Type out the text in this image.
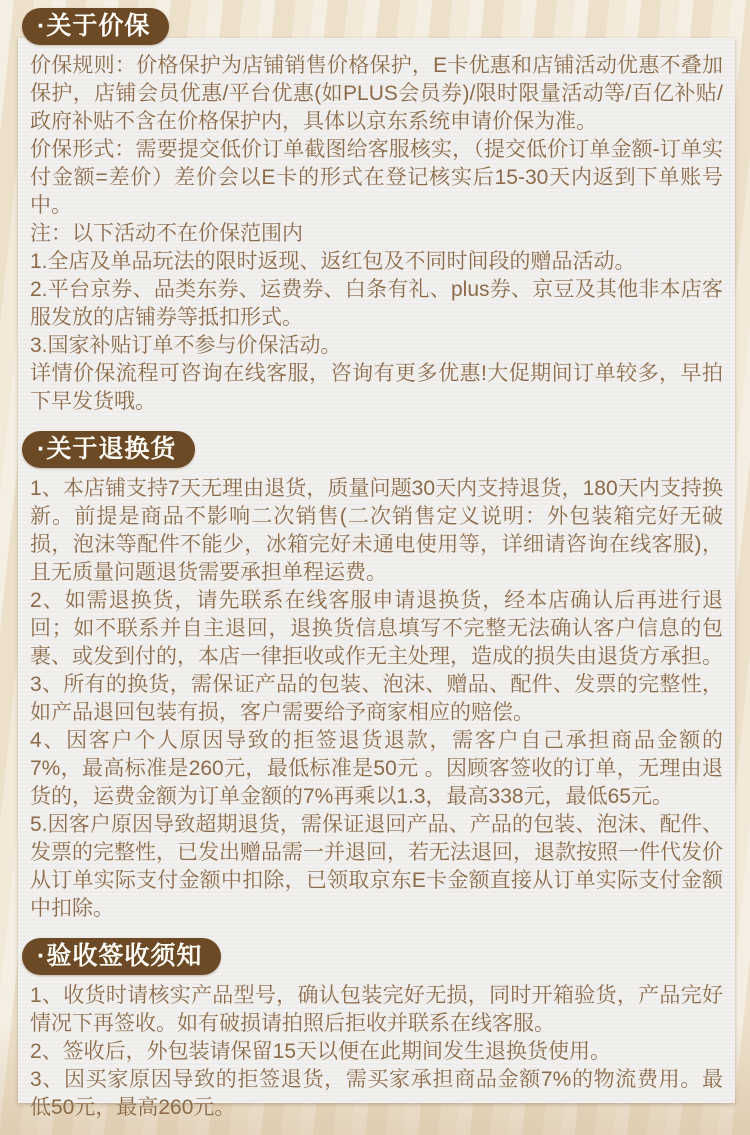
·关于价保

价保规则：价格保护为店铺销售价格保护，E卡优惠和店铺活动优惠不叠加保护，店铺会员优惠/平台优惠(如PLUS会员券)/限时限量活动等/百亿补贴/政府补贴不含在价格保护内，具体以京东系统申请价保为准。

价保形式：需要提交低价订单截图给客服核实，（提交低价订单金额-订单实付金额=差价）差价会以E卡的形式在登记核实后15-30天内返到下单账号中。

注：以下活动不在价保范围内

1.全店及单品玩法的限时返现、返红包及不同时间段的赠品活动。

2.平台京券、品类东券、运费券、白条有礼、plus券、京豆及其他非本店客服发放的店铺券等抵扣形式。

3.国家补贴订单不参与价保活动。

详情价保流程可咨询在线客服，咨询有更多优惠!大促期间订单较多，早拍下早发货哦。

·关于退换货

1、本店铺支持7天无理由退货，质量问题30天内支持退货，180天内支持换新。前提是商品不影响二次销售(二次销售定义说明：外包装箱完好无破损，泡沫等配件不能少，冰箱完好未通电使用等，详细请咨询在线客服)，且无质量问题退货需要承担单程运费。

2、如需退换货，请先联系在线客服申请退换货，经本店确认后再进行退回；如不联系并自主退回，退换货信息填写不完整无法确认客户信息的包裹、或发到付的，本店一律拒收或作无主处理，造成的损失由退货方承担。

3、所有的换货，需保证产品的包装、泡沫、赠品、配件、发票的完整性，如产品退回包装有损，客户需要给予商家相应的赔偿。

4、因客户个人原因导致的拒签退货退款，需客户自己承担商品金额的7%，最高标准是260元，最低标准是50元 。因顾客签收的订单，无理由退货的，运费金额为订单金额的7%再乘以1.3，最高338元，最低65元。

5.因客户原因导致超期退货，需保证退回产品、产品的包装、泡沫、配件、发票的完整性，已发出赠品需一并退回，若无法退回，退款按照一件代发价从订单实际支付金额中扣除，已领取京东E卡金额直接从订单实际支付金额中扣除。

·验收签收须知

1、收货时请核实产品型号，确认包装完好无损，同时开箱验货，产品完好情况下再签收。如有破损请拍照后拒收并联系在线客服。

2、签收后，外包装请保留15天以便在此期间发生退换货使用。

3、因买家原因导致的拒签退货，需买家承担商品金额7%的物流费用。最低50元，最高260元。
